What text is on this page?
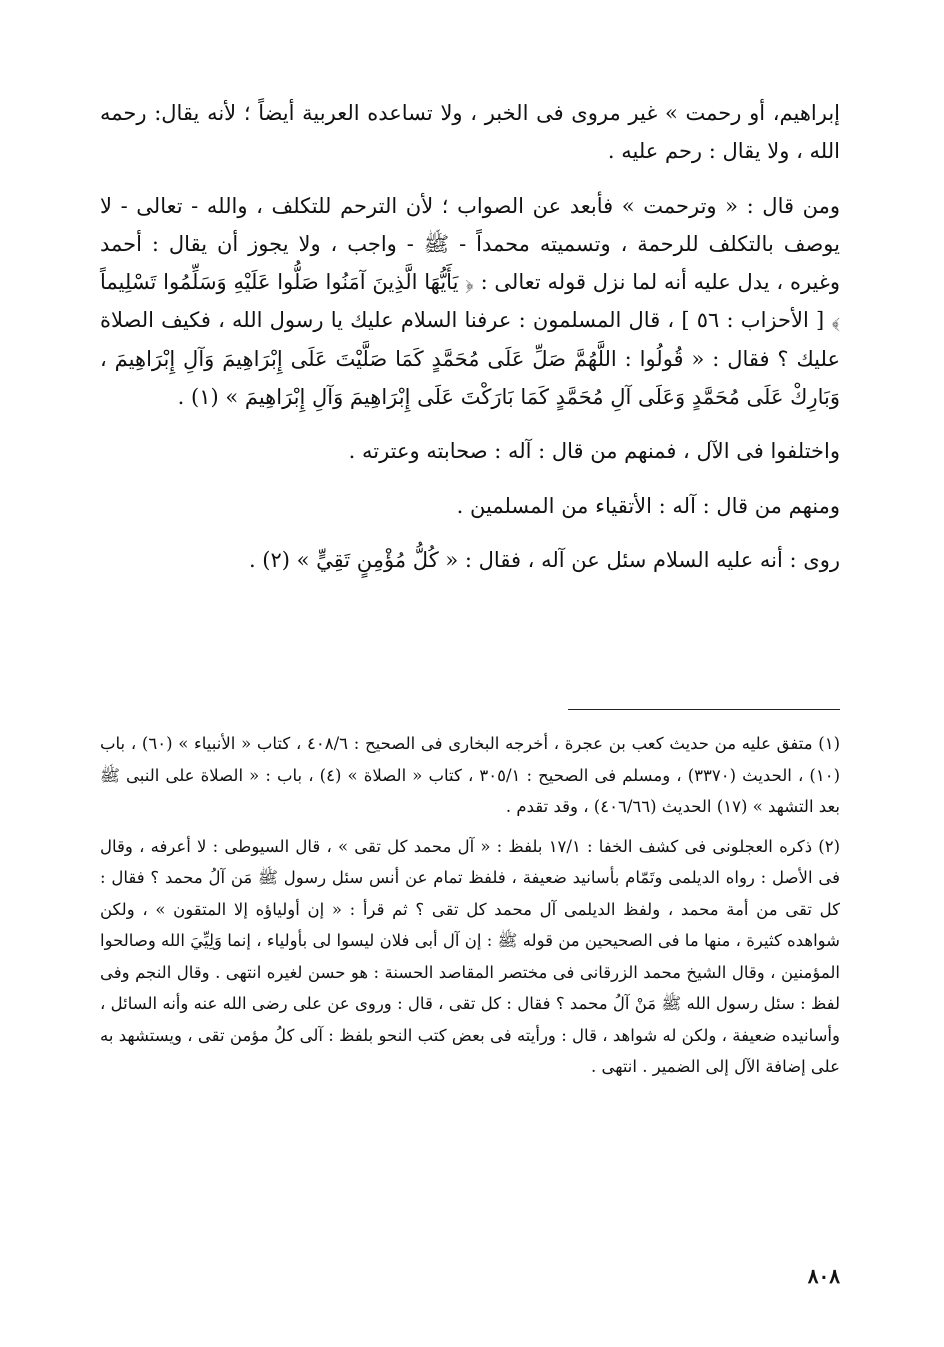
إبراهيم، أو رحمت » غير مروى فى الخبر ، ولا تساعده العربية أيضاً ؛ لأنه يقال: رحمه الله ، ولا يقال : رحم عليه .

ومن قال : « وترحمت » فأبعد عن الصواب ؛ لأن الترحم للتكلف ، والله - تعالى - لا يوصف بالتكلف للرحمة ، وتسميته محمداً - ﷺ - واجب ، ولا يجوز أن يقال : أحمد وغيره ، يدل عليه أنه لما نزل قوله تعالى : ﴿ يَأَيُّهَا الَّذِينَ آمَنُوا صَلُّوا عَلَيْهِ وَسَلِّمُوا تَسْلِيماً ﴾ [ الأحزاب : ٥٦ ] ، قال المسلمون : عرفنا السلام عليك يا رسول الله ، فكيف الصلاة عليك ؟ فقال : « قُولُوا : اللَّهُمَّ صَلِّ عَلَى مُحَمَّدٍ كَمَا صَلَّيْتَ عَلَى إِبْرَاهِيمَ وَآلِ إِبْرَاهِيمَ ، وَبَارِكْ عَلَى مُحَمَّدٍ وَعَلَى آلِ مُحَمَّدٍ كَمَا بَارَكْتَ عَلَى إِبْرَاهِيمَ وَآلِ إِبْرَاهِيمَ » (١) .

واختلفوا فى الآل ، فمنهم من قال : آله : صحابته وعترته .

ومنهم من قال : آله : الأتقياء من المسلمين .

روى : أنه عليه السلام سئل عن آله ، فقال : « كُلُّ مُؤْمِنٍ تَقِيٍّ » (٢) .

(١) متفق عليه من حديث كعب بن عجرة ، أخرجه البخارى فى الصحيح : ٤٠٨/٦ ، كتاب « الأنبياء » (٦٠) ، باب (١٠) ، الحديث (٣٣٧٠) ، ومسلم فى الصحيح : ٣٠٥/١ ، كتاب « الصلاة » (٤) ، باب : « الصلاة على النبى ﷺ بعد التشهد » (١٧) الحديث (٤٠٦/٦٦) ، وقد تقدم .

(٢) ذكره العجلونى فى كشف الخفا : ١٧/١ بلفظ : « آل محمد كل تقى » ، قال السيوطى : لا أعرفه ، وقال فى الأصل : رواه الديلمى وتَمّام بأسانيد ضعيفة ، فلفظ تمام عن أنس سئل رسول ﷺ مَن آلُ محمد ؟ فقال : كل تقى من أمة محمد ، ولفظ الديلمى آل محمد كل تقى ؟ ثم قرأ : « إن أولياؤه إلا المتقون » ، ولكن شواهده كثيرة ، منها ما فى الصحيحين من قوله ﷺ : إن آل أبى فلان ليسوا لى بأولياء ، إنما وَلِيِّيَ الله وصالحوا المؤمنين ، وقال الشيخ محمد الزرقانى فى مختصر المقاصد الحسنة : هو حسن لغيره انتهى . وقال النجم وفى لفظ : سئل رسول الله ﷺ مَنْ آلُ محمد ؟ فقال : كل تقى ، قال : وروى عن على رضى الله عنه وأنه السائل ، وأسانيده ضعيفة ، ولكن له شواهد ، قال : ورأيته فى بعض كتب النحو بلفظ : آلى كلُ مؤمن تقى ، ويستشهد به على إضافة الآل إلى الضمير . انتهى .

٨٠٨
